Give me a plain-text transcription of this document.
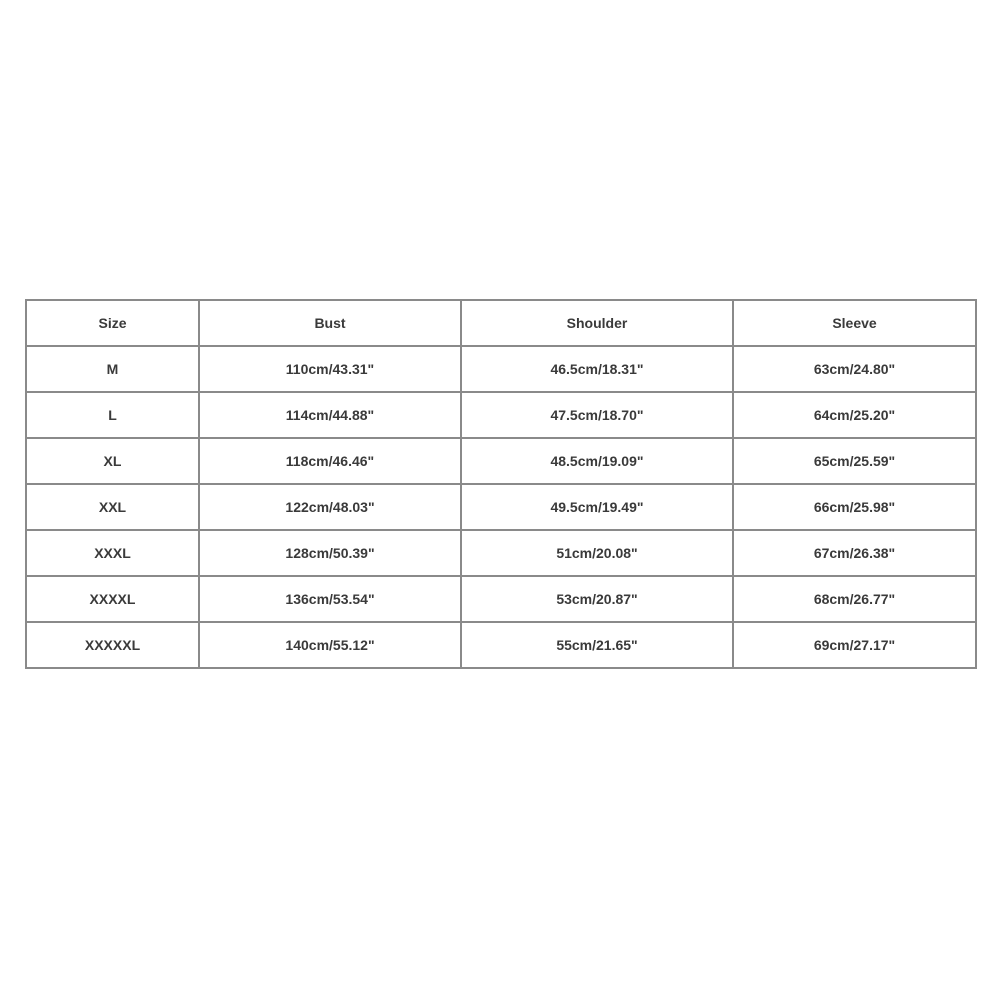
Size	Bust	Shoulder	Sleeve
M	110cm/43.31"	46.5cm/18.31"	63cm/24.80"
L	114cm/44.88"	47.5cm/18.70"	64cm/25.20"
XL	118cm/46.46"	48.5cm/19.09"	65cm/25.59"
XXL	122cm/48.03"	49.5cm/19.49"	66cm/25.98"
XXXL	128cm/50.39"	51cm/20.08"	67cm/26.38"
XXXXL	136cm/53.54"	53cm/20.87"	68cm/26.77"
XXXXXL	140cm/55.12"	55cm/21.65"	69cm/27.17"
